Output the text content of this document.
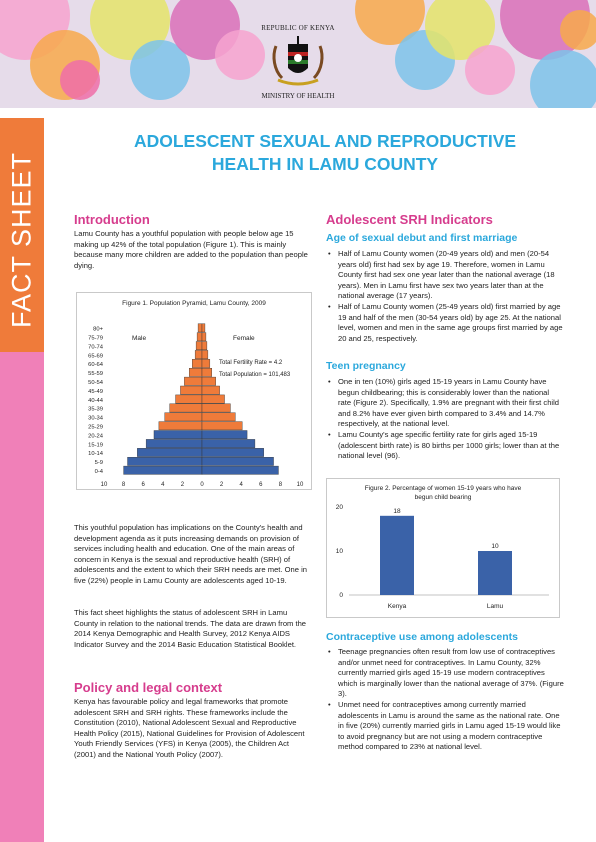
REPUBLIC OF KENYA
MINISTRY OF HEALTH
FACT SHEET
ADOLESCENT SEXUAL AND REPRODUCTIVE
HEALTH IN LAMU COUNTY
Introduction
Lamu County has a youthful population with people below age 15 making up 42% of the total population (Figure 1). This is mainly because many more children are added to the population than people dying.
Figure 1. Population Pyramid, Lamu County, 2009
0-4
5-9
10-14
15-19
20-24
25-29
30-34
35-39
40-44
45-49
50-54
55-59
60-64
65-69
70-74
75-79
80+
10 8	6	4	2	0	2	4	6	8 10
Male	Female
Total Fertility Rate = 4.2
Total Population = 101,483
This youthful population has implications on the County's health and development agenda as it puts increasing demands on provision of services including health and education. One of the main areas of concern in Kenya is the sexual and reproductive health (SRH) of adolescents and the extent to which their SRH needs are met. One in five (22%) people in Lamu County are adolescents aged 10-19.
This fact sheet highlights the status of adolescent SRH in Lamu County in relation to the national trends. The data are drawn from the 2014 Kenya Demographic and Health Survey, 2012 Kenya AIDS Indicator Survey and the 2014 Basic Education Statistical Booklet.
Policy and legal context
Kenya has favourable policy and legal frameworks that promote adolescent SRH and SRH rights. These frameworks include the Constitution (2010), National Adolescent Sexual and Reproductive Health Policy (2015), National Guidelines for Provision of Adolescent Youth Friendly Services (YFS) in Kenya (2005), the Children Act (2001) and the National Youth Policy (2007).
Adolescent SRH Indicators
Age of sexual debut and first marriage
• Half of Lamu County women (20-49 years old) and men (20-54 years old) first had sex by age 19. Therefore, women in Lamu County first had sex one year later than the national average (18 years). Men in Lamu first have sex two years later than at the national average (17 years).
• Half of Lamu County women (25-49 years old) first married by age 19 and half of the men (30-54 years old) by age 25. At the national level, women and men in the same age groups first married by age 20 and 25, respectively.
Teen pregnancy
• One in ten (10%) girls aged 15-19 years in Lamu County have begun childbearing; this is considerably lower than the national rate (Figure 2). Specifically, 1.9% are pregnant with their first child and 8.2% have ever given birth compared to 3.4% and 14.7% respectively, at the national level.
• Lamu County's age specific fertility rate for girls aged 15-19 (adolescent birth rate) is 80 births per 1000 girls; lower than at the national level (96).
Figure 2. Percentage of women 15-19 years who have
begun child bearing
0
10
20
18
Kenya
10
Lamu
Contraceptive use among adolescents
• Teenage pregnancies often result from low use of contraceptives and/or unmet need for contraceptives. In Lamu County, 32% currently married girls aged 15-19 use modern contraceptives which is marginally lower than the national average of 37%. (Figure 3).
• Unmet need for contraceptives among currently married adolescents in Lamu is around the same as the national rate. One in five (20%) currently married girls in Lamu aged 15-19 would like to avoid pregnancy but are not using a modern contraceptive method compared to 23% at national level.
